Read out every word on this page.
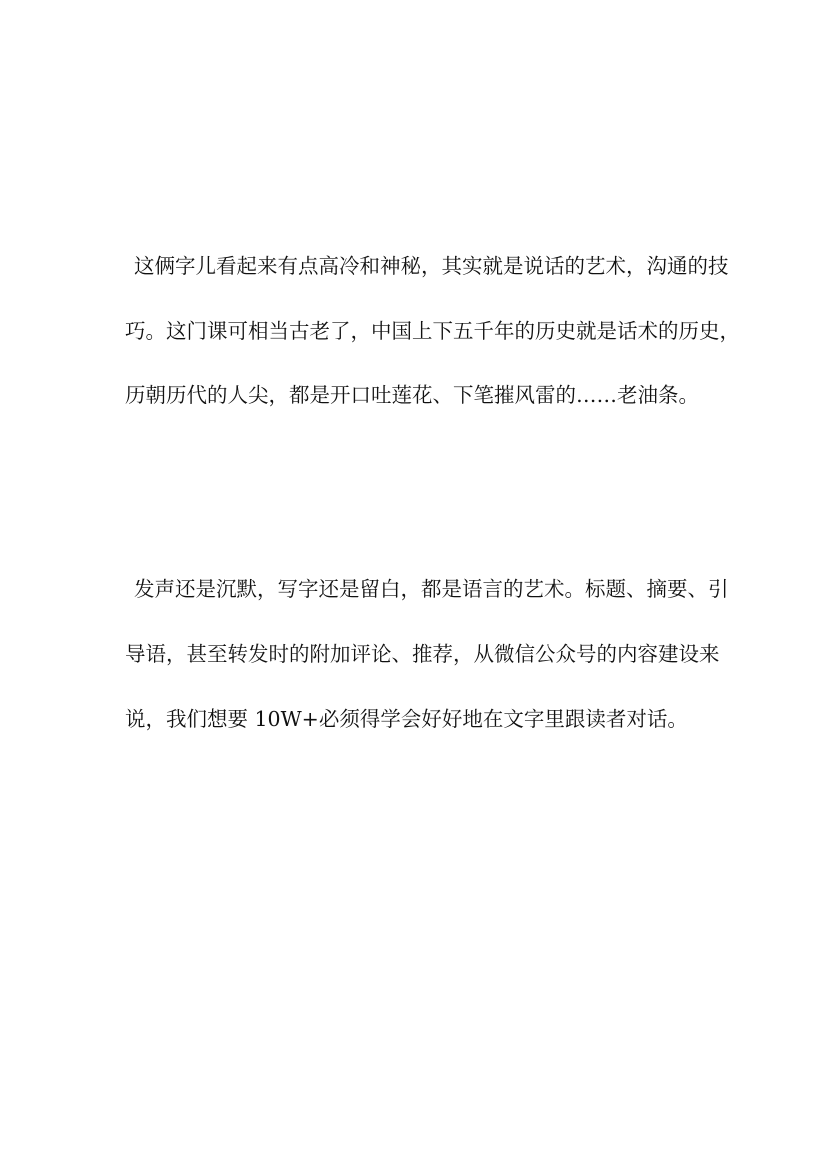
这俩字儿看起来有点高冷和神秘，其实就是说话的艺术，沟通的技
巧。这门课可相当古老了，中国上下五千年的历史就是话术的历史，
历朝历代的人尖，都是开口吐莲花、下笔摧风雷的……老油条。
发声还是沉默，写字还是留白，都是语言的艺术。标题、摘要、引
导语，甚至转发时的附加评论、推荐，从微信公众号的内容建设来
说，我们想要 10W+必须得学会好好地在文字里跟读者对话。
